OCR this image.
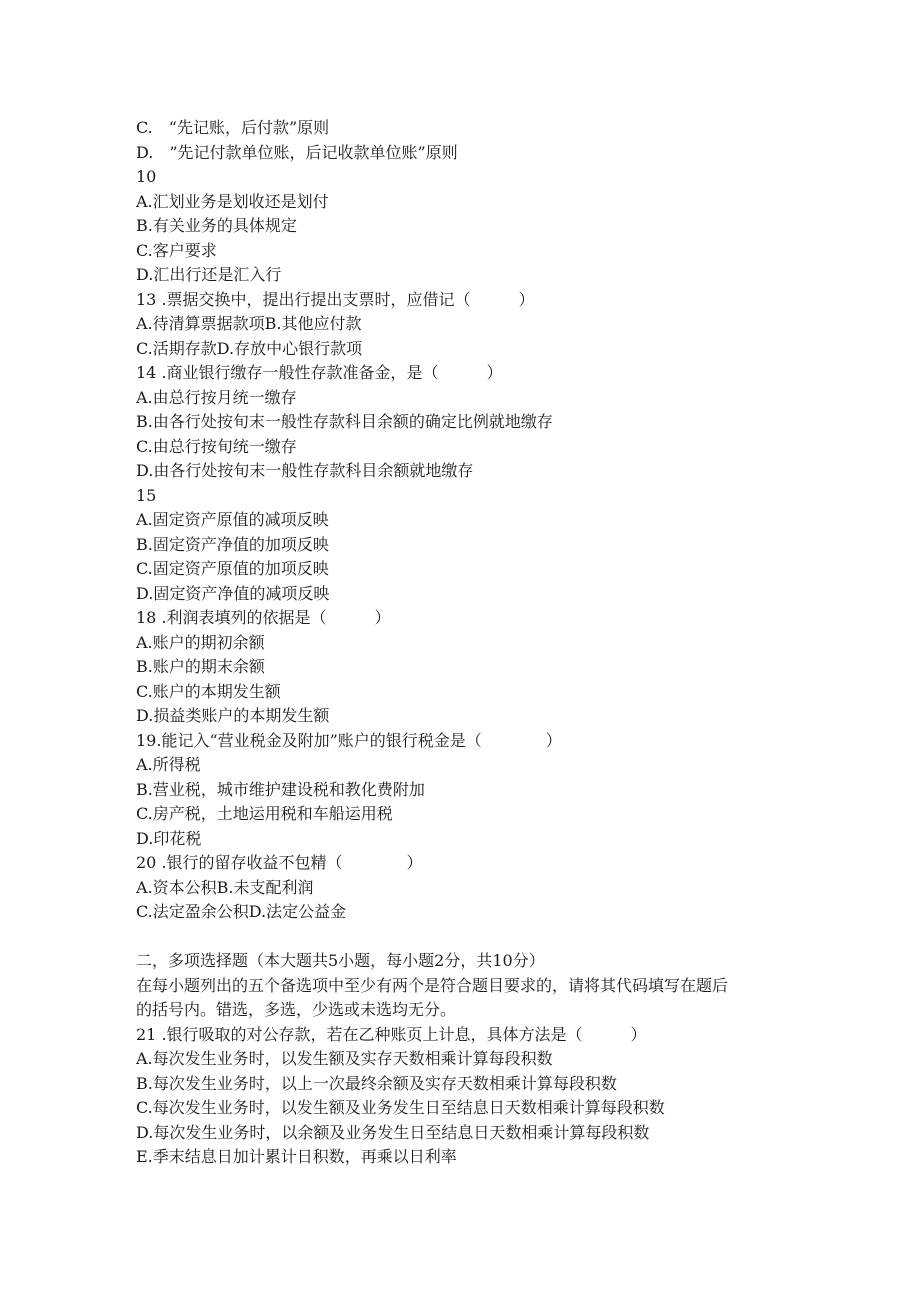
C.　“先记账，后付款”原则
D.　”先记付款单位账，后记收款单位账”原则
10
A.汇划业务是划收还是划付
B.有关业务的具体规定
C.客户要求
D.汇出行还是汇入行
13 .票据交换中，提出行提出支票时，应借记（　　　）
A.待清算票据款项B.其他应付款
C.活期存款D.存放中心银行款项
14 .商业银行缴存一般性存款准备金，是（　　　）
A.由总行按月统一缴存
B.由各行处按旬末一般性存款科目余额的确定比例就地缴存
C.由总行按旬统一缴存
D.由各行处按旬末一般性存款科目余额就地缴存
15
A.固定资产原值的减项反映
B.固定资产净值的加项反映
C.固定资产原值的加项反映
D.固定资产净值的减项反映
18 .利润表填列的依据是（　　　）
A.账户的期初余额
B.账户的期末余额
C.账户的本期发生额
D.损益类账户的本期发生额
19.能记入“营业税金及附加”账户的银行税金是（　　　　）
A.所得税
B.营业税，城市维护建设税和教化费附加
C.房产税，土地运用税和车船运用税
D.印花税
20 .银行的留存收益不包精（　　　　）
A.资本公积B.未支配利润
C.法定盈余公积D.法定公益金
二，多项选择题（本大题共5小题，每小题2分，共10分）
在每小题列出的五个备选项中至少有两个是符合题目要求的，请将其代码填写在题后
的括号内。错选，多选，少选或未选均无分。
21 .银行吸取的对公存款，若在乙种账页上计息，具体方法是（　　　）
A.每次发生业务时，以发生额及实存天数相乘计算每段积数
B.每次发生业务时，以上一次最终余额及实存天数相乘计算每段积数
C.每次发生业务时，以发生额及业务发生日至结息日天数相乘计算每段积数
D.每次发生业务时，以余额及业务发生日至结息日天数相乘计算每段积数
E.季末结息日加计累计日积数，再乘以日利率
